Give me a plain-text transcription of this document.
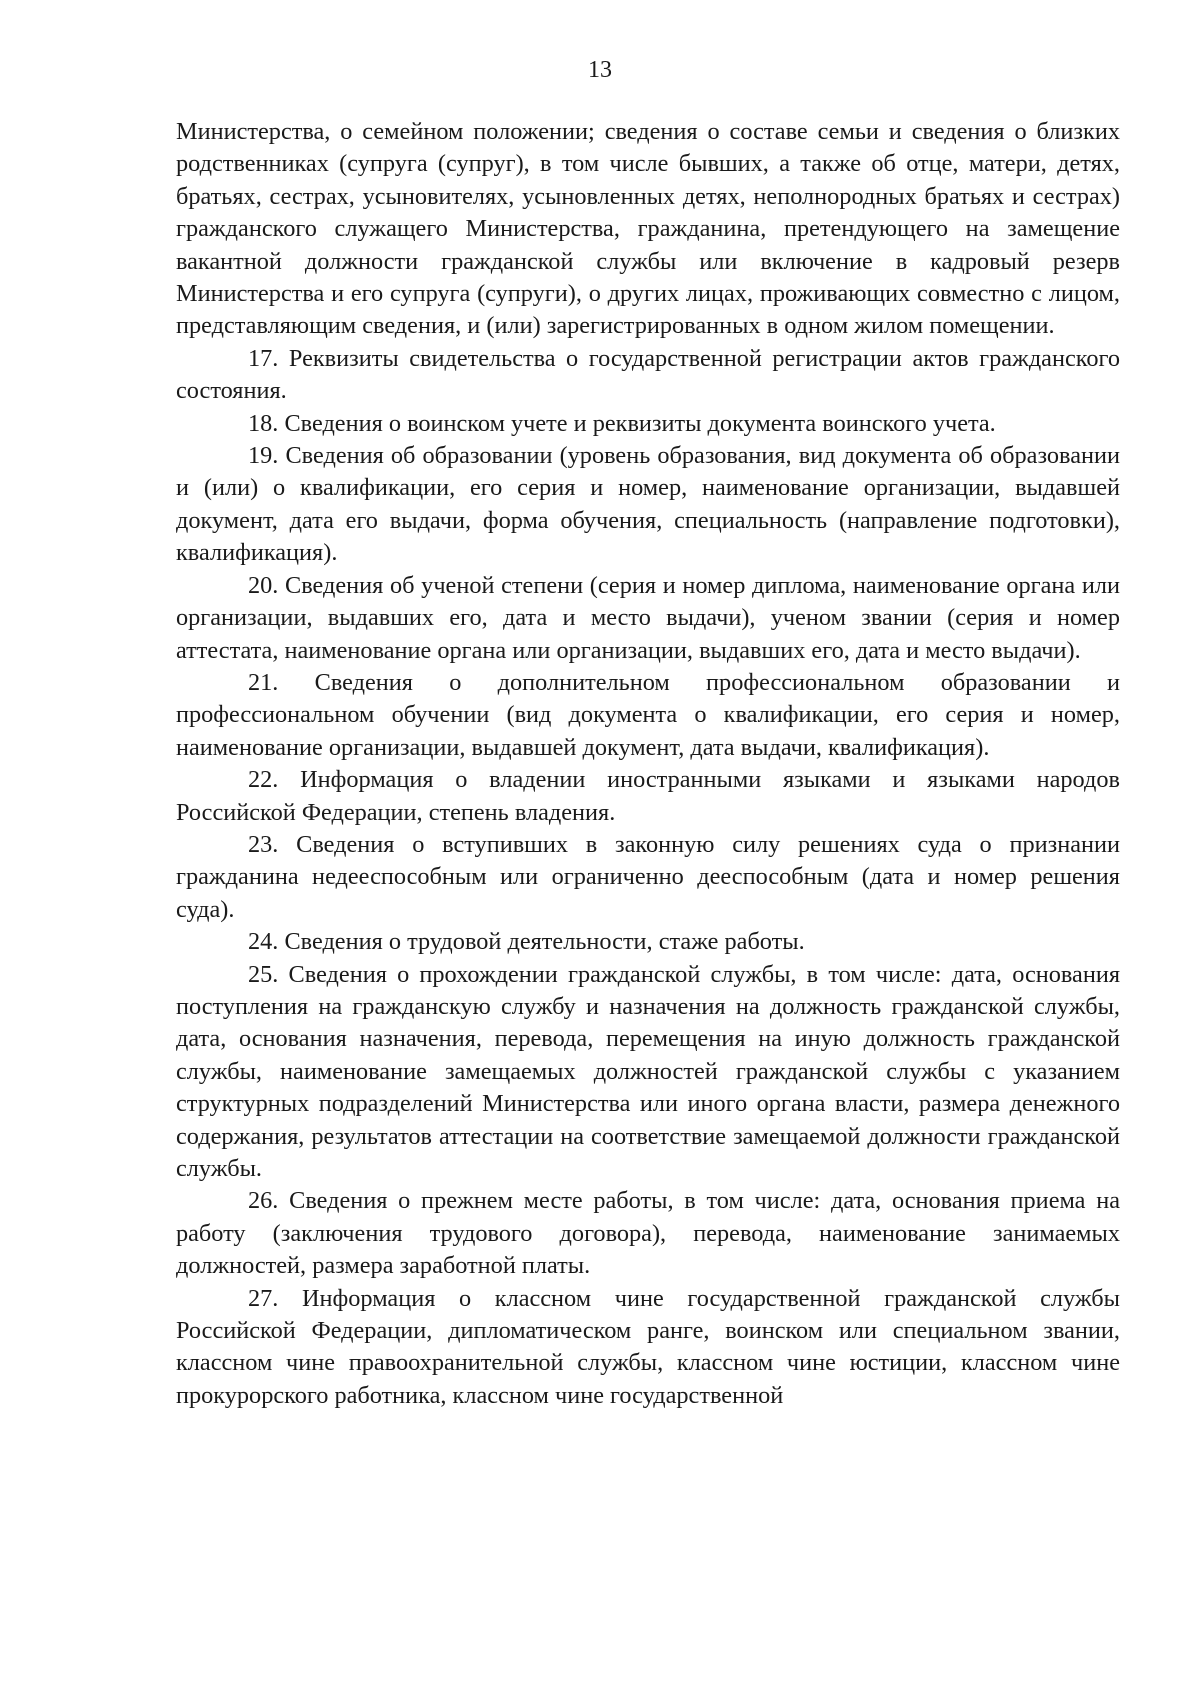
13

Министерства, о семейном положении; сведения о составе семьи и сведения о близких родственниках (супруга (супруг), в том числе бывших, а также об отце, матери, детях, братьях, сестрах, усыновителях, усыновленных детях, неполнородных братьях и сестрах) гражданского служащего Министерства, гражданина, претендующего на замещение вакантной должности гражданской службы или включение в кадровый резерв Министерства и его супруга (супруги), о других лицах, проживающих совместно с лицом, представляющим сведения, и (или) зарегистрированных в одном жилом помещении.

17. Реквизиты свидетельства о государственной регистрации актов гражданского состояния.

18. Сведения о воинском учете и реквизиты документа воинского учета.

19. Сведения об образовании (уровень образования, вид документа об образовании и (или) о квалификации, его серия и номер, наименование организации, выдавшей документ, дата его выдачи, форма обучения, специальность (направление подготовки), квалификация).

20. Сведения об ученой степени (серия и номер диплома, наименование органа или организации, выдавших его, дата и место выдачи), ученом звании (серия и номер аттестата, наименование органа или организации, выдавших его, дата и место выдачи).

21. Сведения о дополнительном профессиональном образовании и профессиональном обучении (вид документа о квалификации, его серия и номер, наименование организации, выдавшей документ, дата выдачи, квалификация).

22. Информация о владении иностранными языками и языками народов Российской Федерации, степень владения.

23. Сведения о вступивших в законную силу решениях суда о признании гражданина недееспособным или ограниченно дееспособным (дата и номер решения суда).

24. Сведения о трудовой деятельности, стаже работы.

25. Сведения о прохождении гражданской службы, в том числе: дата, основания поступления на гражданскую службу и назначения на должность гражданской службы, дата, основания назначения, перевода, перемещения на иную должность гражданской службы, наименование замещаемых должностей гражданской службы с указанием структурных подразделений Министерства или иного органа власти, размера денежного содержания, результатов аттестации на соответствие замещаемой должности гражданской службы.

26. Сведения о прежнем месте работы, в том числе: дата, основания приема на работу (заключения трудового договора), перевода, наименование занимаемых должностей, размера заработной платы.

27. Информация о классном чине государственной гражданской службы Российской Федерации, дипломатическом ранге, воинском или специальном звании, классном чине правоохранительной службы, классном чине юстиции, классном чине прокурорского работника, классном чине государственной
